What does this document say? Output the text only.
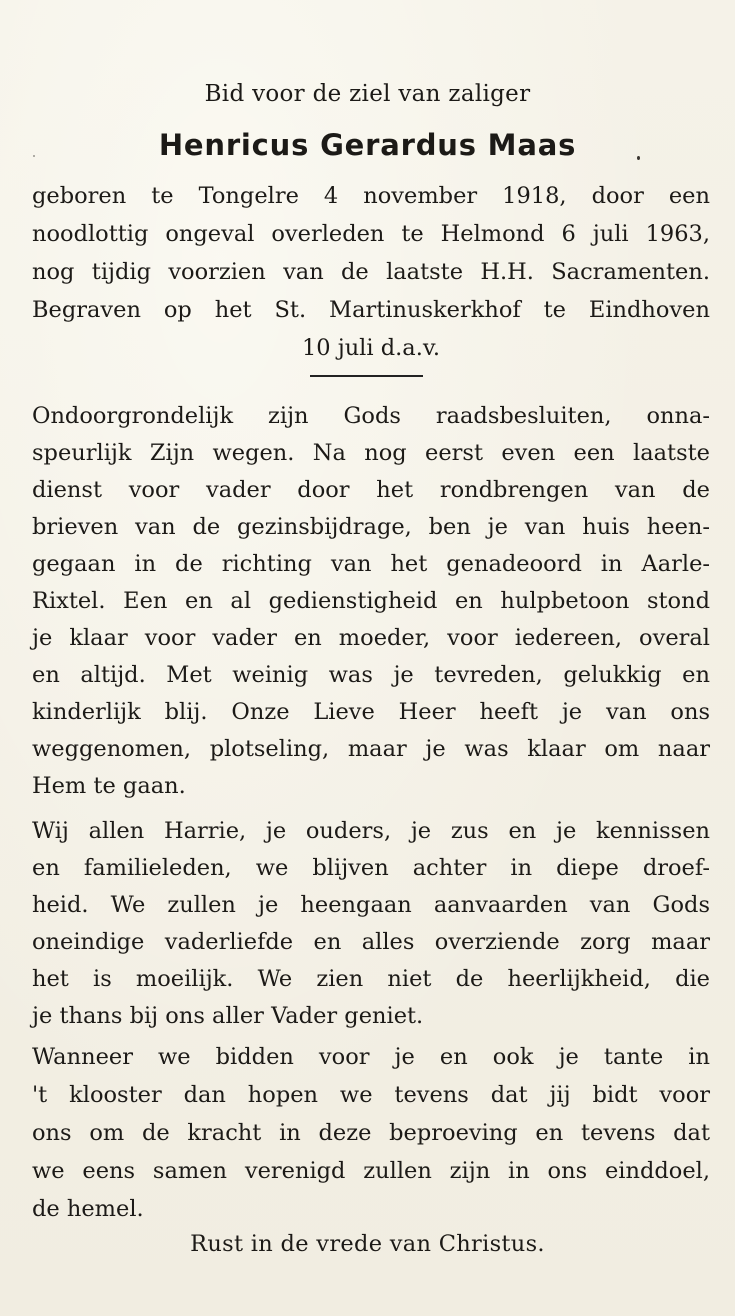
Bid voor de ziel van zaliger
Henricus Gerardus Maas
geboren te Tongelre 4 november 1918, door een
noodlottig ongeval overleden te Helmond 6 juli 1963,
nog tijdig voorzien van de laatste H.H. Sacramenten.
Begraven op het St. Martinuskerkhof te Eindhoven
10 juli d.a.v.
Ondoorgrondelijk zijn Gods raadsbesluiten, onna-
speurlijk Zijn wegen. Na nog eerst even een laatste
dienst voor vader door het rondbrengen van de
brieven van de gezinsbijdrage, ben je van huis heen-
gegaan in de richting van het genadeoord in Aarle-
Rixtel. Een en al gedienstigheid en hulpbetoon stond
je klaar voor vader en moeder, voor iedereen, overal
en altijd. Met weinig was je tevreden, gelukkig en
kinderlijk blij. Onze Lieve Heer heeft je van ons
weggenomen, plotseling, maar je was klaar om naar
Hem te gaan.
Wij allen Harrie, je ouders, je zus en je kennissen
en familieleden, we blijven achter in diepe droef-
heid. We zullen je heengaan aanvaarden van Gods
oneindige vaderliefde en alles overziende zorg maar
het is moeilijk. We zien niet de heerlijkheid, die
je thans bij ons aller Vader geniet.
Wanneer we bidden voor je en ook je tante in
't klooster dan hopen we tevens dat jij bidt voor
ons om de kracht in deze beproeving en tevens dat
we eens samen verenigd zullen zijn in ons einddoel,
de hemel.
Rust in de vrede van Christus.
